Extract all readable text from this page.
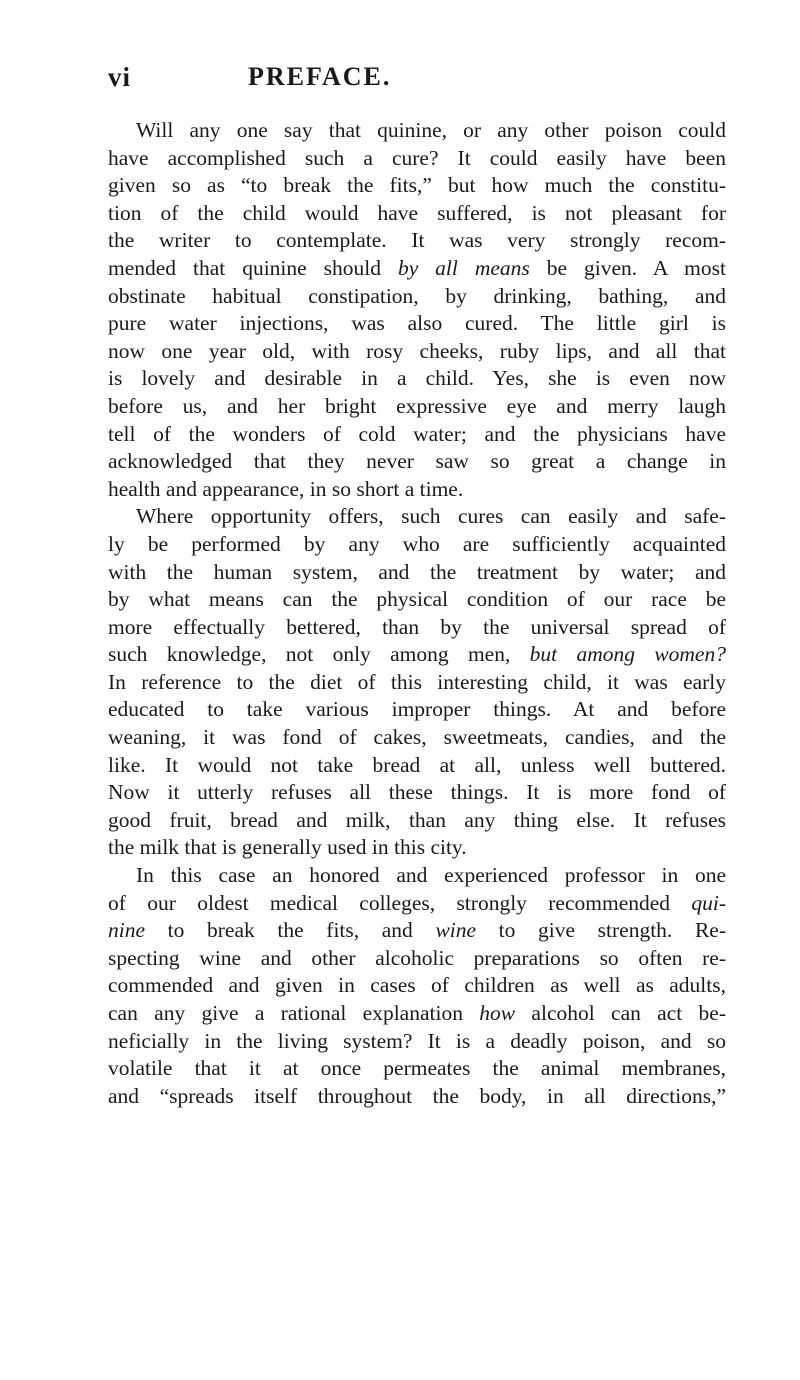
vi	PREFACE.
Will any one say that quinine, or any other poison could
have accomplished such a cure? It could easily have been
given so as “to break the fits,” but how much the constitu-
tion of the child would have suffered, is not pleasant for
the writer to contemplate. It was very strongly recom-
mended that quinine should by all means be given. A most
obstinate habitual constipation, by drinking, bathing, and
pure water injections, was also cured. The little girl is
now one year old, with rosy cheeks, ruby lips, and all that
is lovely and desirable in a child. Yes, she is even now
before us, and her bright expressive eye and merry laugh
tell of the wonders of cold water; and the physicians have
acknowledged that they never saw so great a change in
health and appearance, in so short a time.
Where opportunity offers, such cures can easily and safe-
ly be performed by any who are sufficiently acquainted
with the human system, and the treatment by water; and
by what means can the physical condition of our race be
more effectually bettered, than by the universal spread of
such knowledge, not only among men, but among women?
In reference to the diet of this interesting child, it was early
educated to take various improper things. At and before
weaning, it was fond of cakes, sweetmeats, candies, and the
like. It would not take bread at all, unless well buttered.
Now it utterly refuses all these things. It is more fond of
good fruit, bread and milk, than any thing else. It refuses
the milk that is generally used in this city.
In this case an honored and experienced professor in one
of our oldest medical colleges, strongly recommended qui-
nine to break the fits, and wine to give strength. Re-
specting wine and other alcoholic preparations so often re-
commended and given in cases of children as well as adults,
can any give a rational explanation how alcohol can act be-
neficially in the living system? It is a deadly poison, and so
volatile that it at once permeates the animal membranes,
and “spreads itself throughout the body, in all directions,”
